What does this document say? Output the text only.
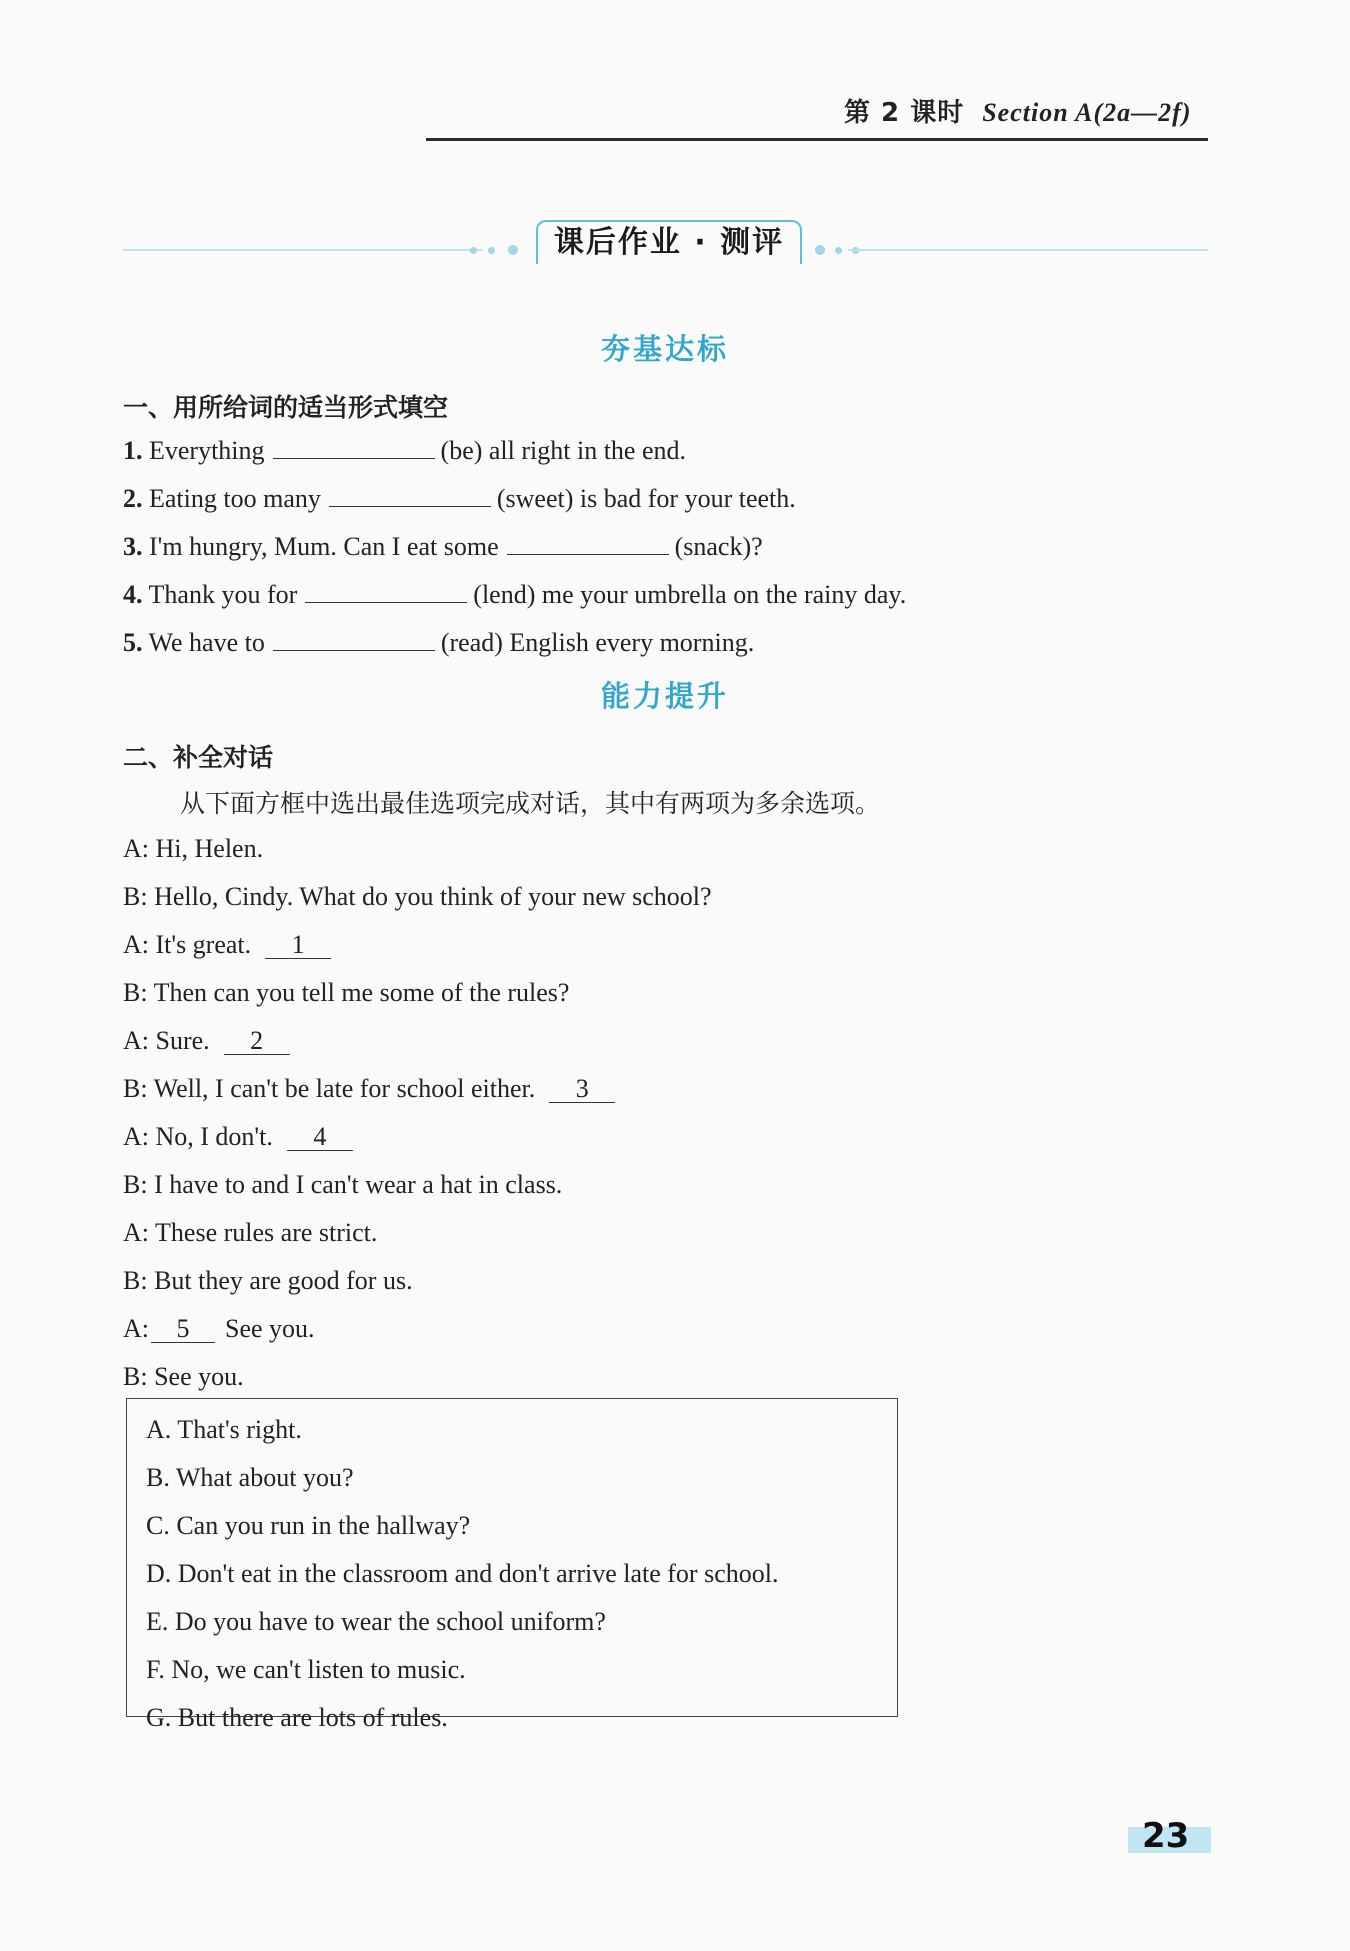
第 2 课时 Section A(2a—2f)
课后作业 · 测评
夯基达标
一、用所给词的适当形式填空
1. Everything	(be) all right in the end.
2. Eating too many	(sweet) is bad for your teeth.
3. I'm hungry, Mum. Can I eat some	(snack)?
4. Thank you for	(lend) me your umbrella on the rainy day.
5. We have to	(read) English every morning.
能力提升
二、补全对话
从下面方框中选出最佳选项完成对话，其中有两项为多余选项。
A: Hi, Helen.
B: Hello, Cindy. What do you think of your new school?
A: It's great. 1
B: Then can you tell me some of the rules?
A: Sure. 2
B: Well, I can't be late for school either. 3
A: No, I don't. 4
B: I have to and I can't wear a hat in class.
A: These rules are strict.
B: But they are good for us.
A: 5 See you.
B: See you.
A. That's right.
B. What about you?
C. Can you run in the hallway?
D. Don't eat in the classroom and don't arrive late for school.
E. Do you have to wear the school uniform?
F. No, we can't listen to music.
G. But there are lots of rules.
23
